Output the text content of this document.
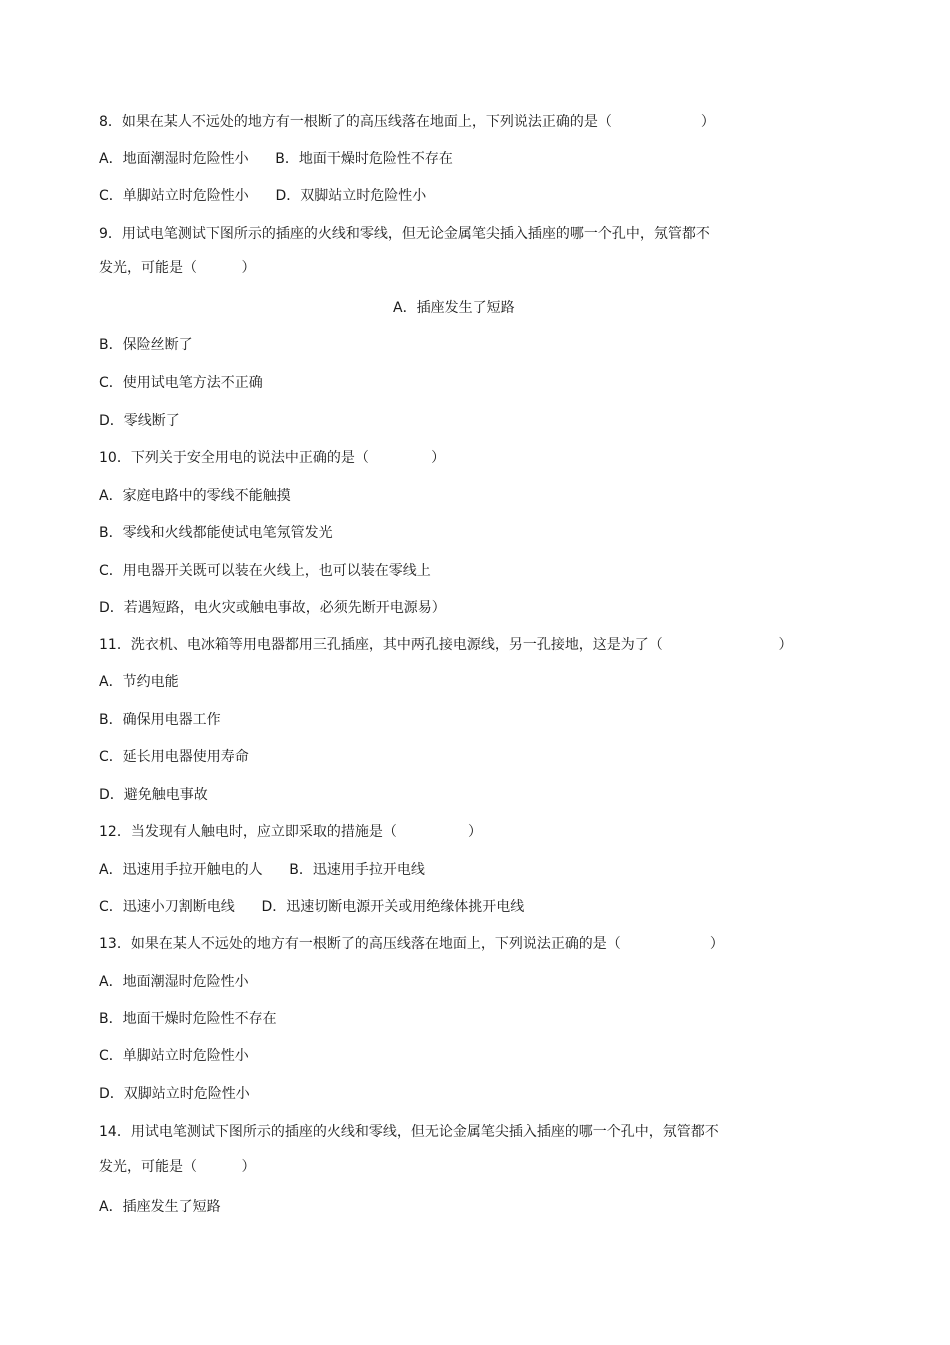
8．如果在某人不远处的地方有一根断了的高压线落在地面上，下列说法正确的是（                    ）
A．地面潮湿时危险性小      B．地面干燥时危险性不存在
C．单脚站立时危险性小      D．双脚站立时危险性小
9．用试电笔测试下图所示的插座的火线和零线，但无论金属笔尖插入插座的哪一个孔中，氖管都不
发光，可能是（          ）
A．插座发生了短路
B．保险丝断了
C．使用试电笔方法不正确
D．零线断了
10．下列关于安全用电的说法中正确的是（              ）
A．家庭电路中的零线不能触摸
B．零线和火线都能使试电笔氖管发光
C．用电器开关既可以装在火线上，也可以装在零线上
D．若遇短路，电火灾或触电事故，必须先断开电源易）
11．洗衣机、电冰箱等用电器都用三孔插座，其中两孔接电源线，另一孔接地，这是为了（                          ）
A．节约电能
B．确保用电器工作
C．延长用电器使用寿命
D．避免触电事故
12．当发现有人触电时，应立即采取的措施是（                ）
A．迅速用手拉开触电的人      B．迅速用手拉开电线
C．迅速小刀割断电线      D．迅速切断电源开关或用绝缘体挑开电线
13．如果在某人不远处的地方有一根断了的高压线落在地面上，下列说法正确的是（                    ）
A．地面潮湿时危险性小
B．地面干燥时危险性不存在
C．单脚站立时危险性小
D．双脚站立时危险性小
14．用试电笔测试下图所示的插座的火线和零线，但无论金属笔尖插入插座的哪一个孔中，氖管都不
发光，可能是（          ）
A．插座发生了短路
